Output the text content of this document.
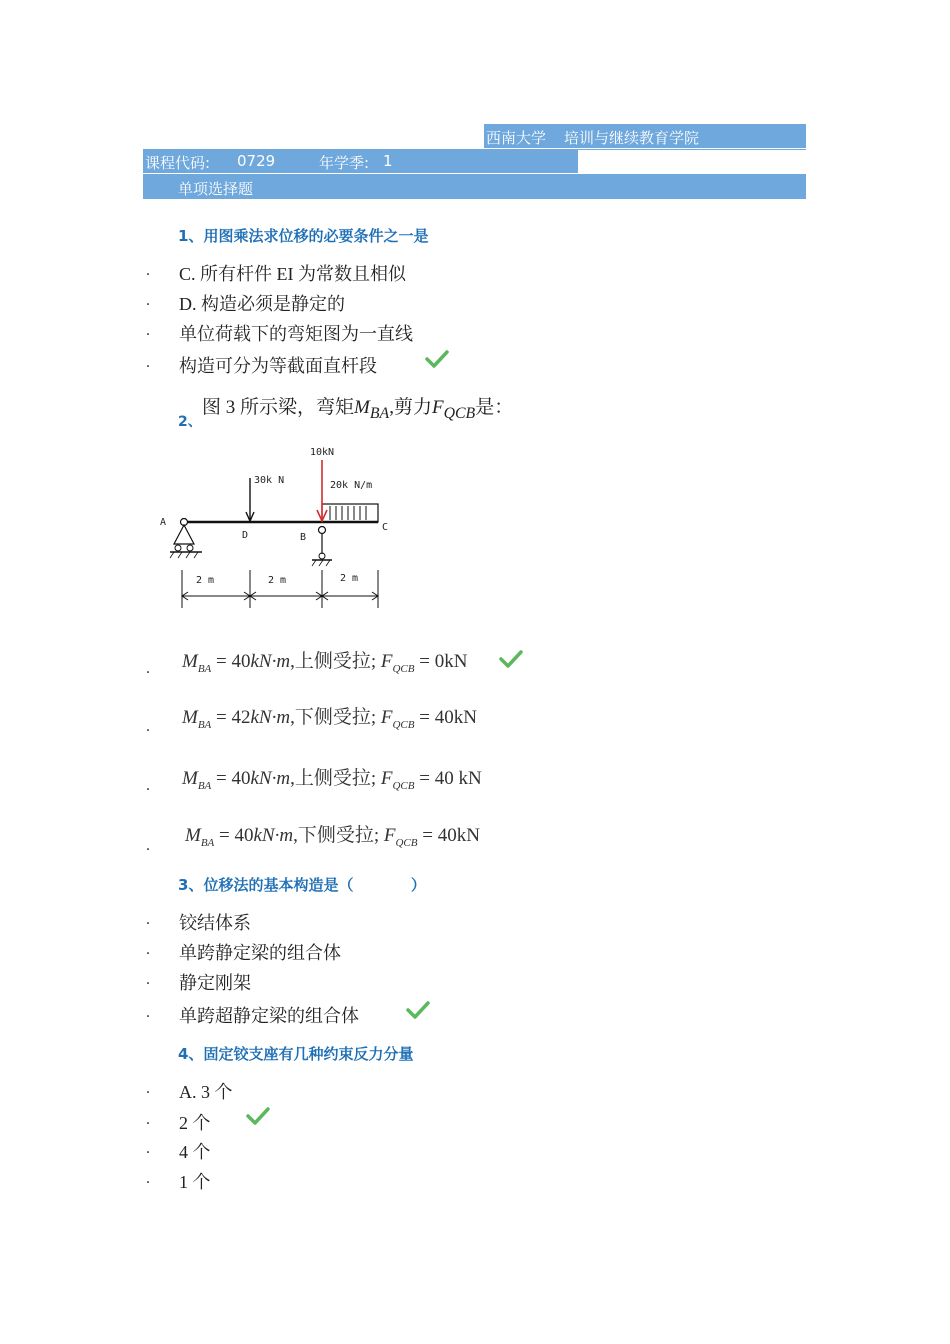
西南大学 培训与继续教育学院
课程代码: 0729	年学季: 1
单项选择题
1、用图乘法求位移的必要条件之一是
. C. 所有杆件 EI 为常数且相似
. D. 构造必须是静定的
. 单位荷载下的弯矩图为一直线
. 构造可分为等截面直杆段
图 3 所示梁，弯矩$M_{BA}$,剪力$F_{QCB}$是：
2、
30k N
10kN
20k N/m
A
B
D
C
2 m	2 m	2 m
. $M_{BA} = 40kN\cdot m$,上侧受拉; $F_{QCB} = 0kN$
. $M_{BA} = 42kN\cdot m$,下侧受拉; $F_{QCB} = 40kN$
. $M_{BA} = 40kN\cdot m$,上侧受拉; $F_{QCB} = 40$ kN
. $M_{BA} = 40kN\cdot m$,下侧受拉; $F_{QCB} = 40kN$
3、位移法的基本构造是（           ）
. 铰结体系
. 单跨静定梁的组合体
. 静定刚架
. 单跨超静定梁的组合体
4、固定铰支座有几种约束反力分量
. A. 3 个
. 2 个
. 4 个
. 1 个
